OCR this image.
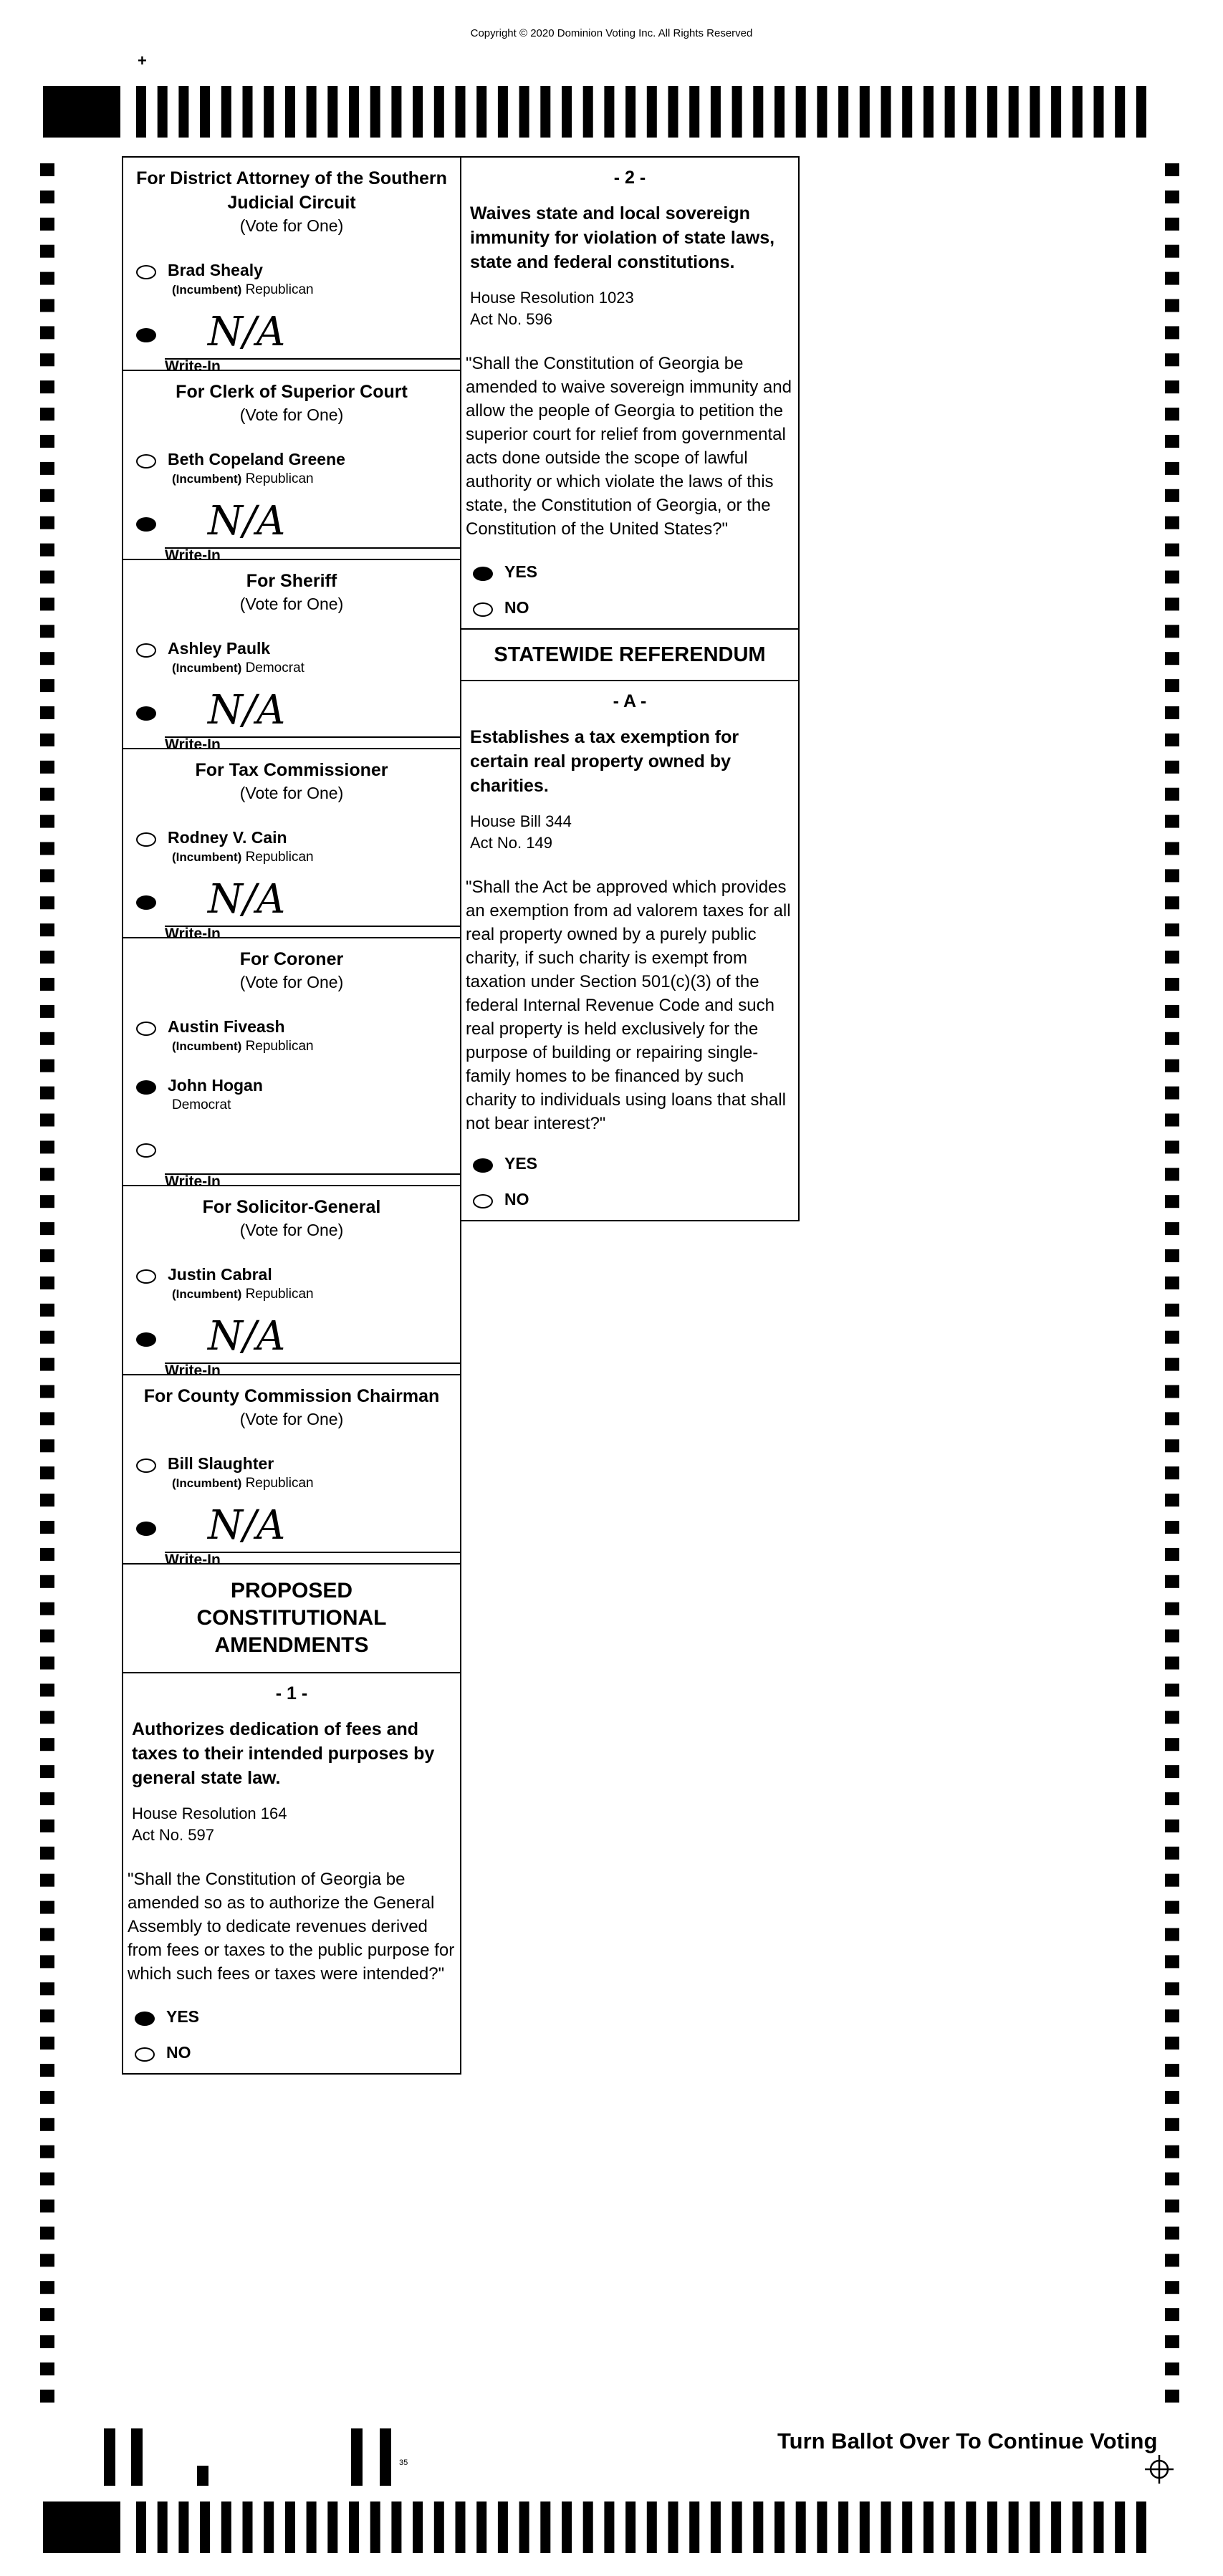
Copyright © 2020 Dominion Voting Inc. All Rights Reserved
+
For District Attorney of the Southern Judicial Circuit
(Vote for One)
Brad Shealy
(Incumbent) Republican
N/A
Write-In
For Clerk of Superior Court
(Vote for One)
Beth Copeland Greene
(Incumbent) Republican
N/A
Write-In
For Sheriff
(Vote for One)
Ashley Paulk
(Incumbent) Democrat
N/A
Write-In
For Tax Commissioner
(Vote for One)
Rodney V. Cain
(Incumbent) Republican
N/A
Write-In
For Coroner
(Vote for One)
Austin Fiveash
(Incumbent) Republican
John Hogan
Democrat
Write-In
For Solicitor-General
(Vote for One)
Justin Cabral
(Incumbent) Republican
N/A
Write-In
For County Commission Chairman
(Vote for One)
Bill Slaughter
(Incumbent) Republican
N/A
Write-In
PROPOSED CONSTITUTIONAL AMENDMENTS
- 1 -
Authorizes dedication of fees and taxes to their intended purposes by general state law.
House Resolution 164
Act No. 597
"Shall the Constitution of Georgia be amended so as to authorize the General Assembly to dedicate revenues derived from fees or taxes to the public purpose for which such fees or taxes were intended?"
YES
NO
- 2 -
Waives state and local sovereign immunity for violation of state laws, state and federal constitutions.
House Resolution 1023
Act No. 596
"Shall the Constitution of Georgia be amended to waive sovereign immunity and allow the people of Georgia to petition the superior court for relief from governmental acts done outside the scope of lawful authority or which violate the laws of this state, the Constitution of Georgia, or the Constitution of the United States?"
YES
NO
STATEWIDE REFERENDUM
- A -
Establishes a tax exemption for certain real property owned by charities.
House Bill 344
Act No. 149
"Shall the Act be approved which provides an exemption from ad valorem taxes for all real property owned by a purely public charity, if such charity is exempt from taxation under Section 501(c)(3) of the federal Internal Revenue Code and such real property is held exclusively for the purpose of building or repairing single-family homes to be financed by such charity to individuals using loans that shall not bear interest?"
YES
NO
Turn Ballot Over To Continue Voting
35
